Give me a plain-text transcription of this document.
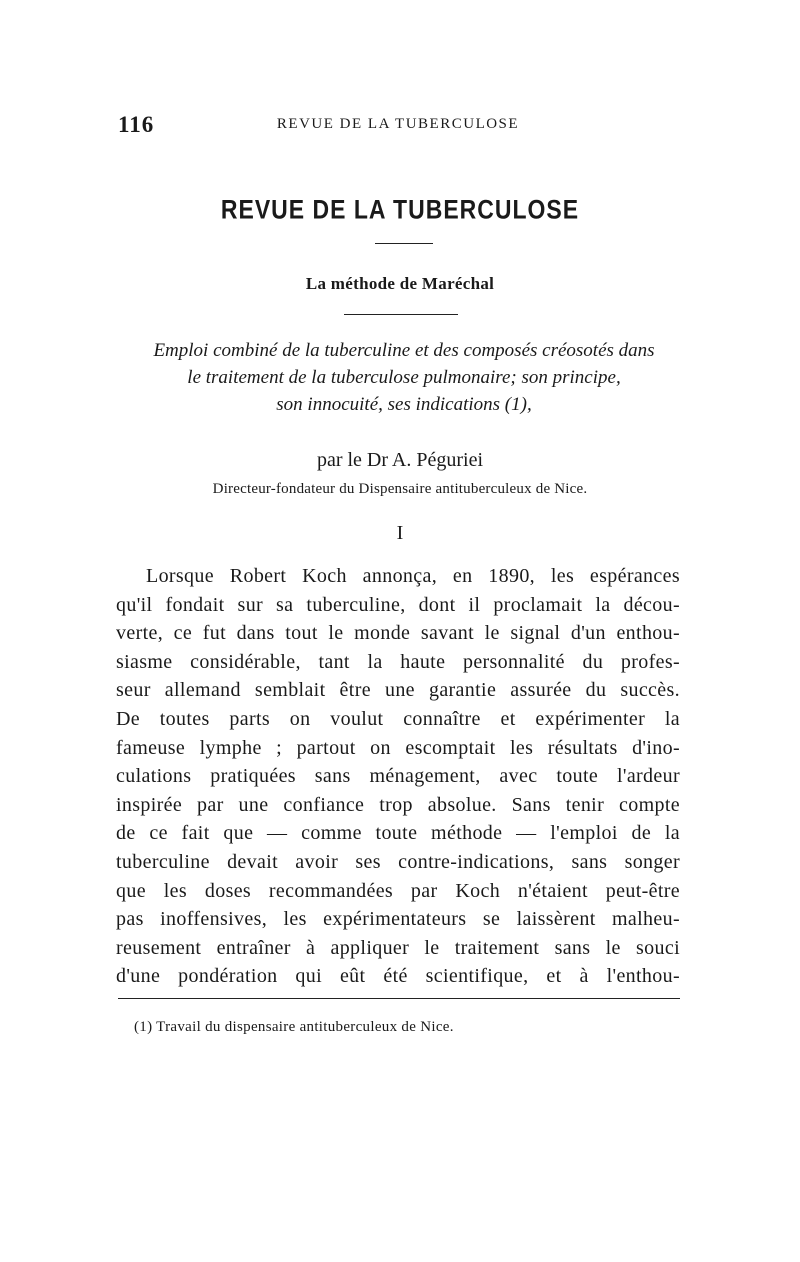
116	REVUE DE LA TUBERCULOSE
REVUE DE LA TUBERCULOSE
La méthode de Maréchal
Emploi combiné de la tuberculine et des composés créosotés dans
le traitement de la tuberculose pulmonaire; son principe,
son innocuité, ses indications (1),
par le Dr A. Péguriei
Directeur-fondateur du Dispensaire antituberculeux de Nice.
I
Lorsque Robert Koch annonça, en 1890, les espérances
qu'il fondait sur sa tuberculine, dont il proclamait la décou-
verte, ce fut dans tout le monde savant le signal d'un enthou-
siasme considérable, tant la haute personnalité du profes-
seur allemand semblait être une garantie assurée du succès.
De toutes parts on voulut connaître et expérimenter la
fameuse lymphe ; partout on escomptait les résultats d'ino-
culations pratiquées sans ménagement, avec toute l'ardeur
inspirée par une confiance trop absolue. Sans tenir compte
de ce fait que — comme toute méthode — l'emploi de la
tuberculine devait avoir ses contre-indications, sans songer
que les doses recommandées par Koch n'étaient peut-être
pas inoffensives, les expérimentateurs se laissèrent malheu-
reusement entraîner à appliquer le traitement sans le souci
d'une pondération qui eût été scientifique, et à l'enthou-
(1) Travail du dispensaire antituberculeux de Nice.
